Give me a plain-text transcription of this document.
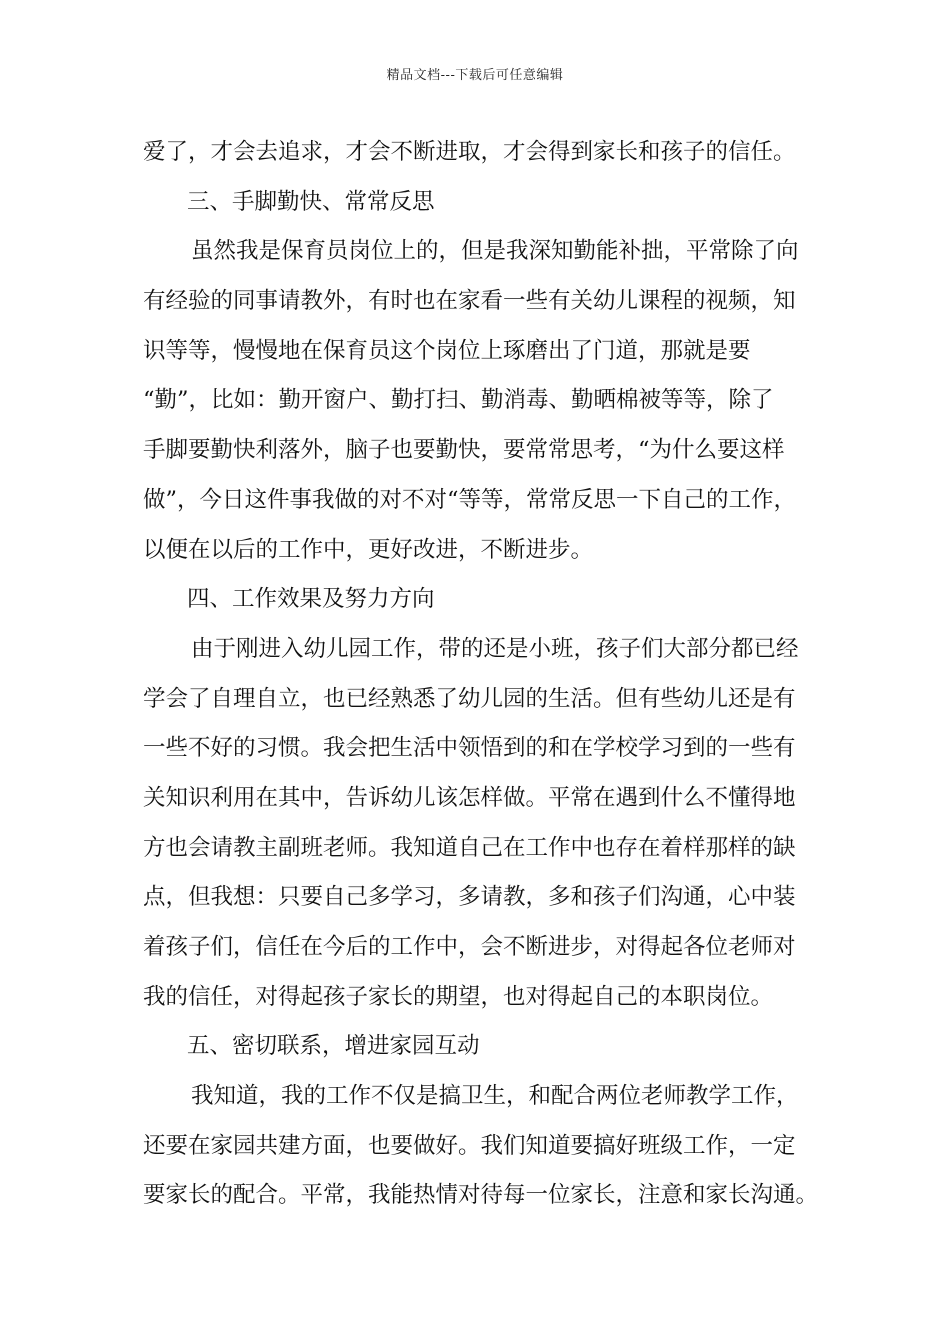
精品文档---下载后可任意编辑
爱了，才会去追求，才会不断进取，才会得到家长和孩子的信任。
三、手脚勤快、常常反思
虽然我是保育员岗位上的，但是我深知勤能补拙，平常除了向
有经验的同事请教外，有时也在家看一些有关幼儿课程的视频，知
识等等，慢慢地在保育员这个岗位上琢磨出了门道，那就是要
“勤”，比如：勤开窗户、勤打扫、勤消毒、勤晒棉被等等，除了
手脚要勤快利落外，脑子也要勤快，要常常思考，“为什么要这样
做”，今日这件事我做的对不对“等等，常常反思一下自己的工作，
以便在以后的工作中，更好改进，不断进步。
四、工作效果及努力方向
由于刚进入幼儿园工作，带的还是小班，孩子们大部分都已经
学会了自理自立，也已经熟悉了幼儿园的生活。但有些幼儿还是有
一些不好的习惯。我会把生活中领悟到的和在学校学习到的一些有
关知识利用在其中，告诉幼儿该怎样做。平常在遇到什么不懂得地
方也会请教主副班老师。我知道自己在工作中也存在着样那样的缺
点，但我想：只要自己多学习，多请教，多和孩子们沟通，心中装
着孩子们，信任在今后的工作中，会不断进步，对得起各位老师对
我的信任，对得起孩子家长的期望，也对得起自己的本职岗位。
五、密切联系，增进家园互动
我知道，我的工作不仅是搞卫生，和配合两位老师教学工作，
还要在家园共建方面，也要做好。我们知道要搞好班级工作，一定
要家长的配合。平常，我能热情对待每一位家长，注意和家长沟通。
